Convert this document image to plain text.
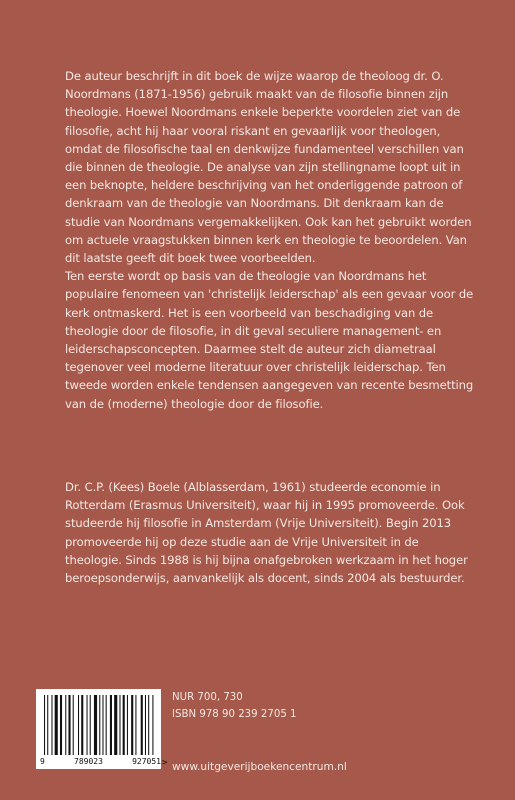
De auteur beschrijft in dit boek de wijze waarop de theoloog dr. O. Noordmans (1871-1956) gebruik maakt van de filosofie binnen zijn theologie. Hoewel Noordmans enkele beperkte voordelen ziet van de filosofie, acht hij haar vooral riskant en gevaarlijk voor theologen, omdat de filosofische taal en denkwijze fundamenteel verschillen van die binnen de theologie. De analyse van zijn stellingname loopt uit in een beknopte, heldere beschrijving van het onderliggende patroon of denkraam van de theologie van Noordmans. Dit denkraam kan de studie van Noordmans vergemakkelijken. Ook kan het gebruikt worden om actuele vraagstukken binnen kerk en theologie te beoordelen. Van dit laatste geeft dit boek twee voorbeelden.

Ten eerste wordt op basis van de theologie van Noordmans het populaire fenomeen van 'christelijk leiderschap' als een gevaar voor de kerk ontmaskerd. Het is een voorbeeld van beschadiging van de theologie door de filosofie, in dit geval seculiere management- en leiderschapsconcepten. Daarmee stelt de auteur zich diametraal tegenover veel moderne literatuur over christelijk leiderschap. Ten tweede worden enkele tendensen aangegeven van recente besmetting van de (moderne) theologie door de filosofie.

Dr. C.P. (Kees) Boele (Alblasserdam, 1961) studeerde economie in Rotterdam (Erasmus Universiteit), waar hij in 1995 promoveerde. Ook studeerde hij filosofie in Amsterdam (Vrije Universiteit). Begin 2013 promoveerde hij op deze studie aan de Vrije Universiteit in de theologie. Sinds 1988 is hij bijna onafgebroken werkzaam in het hoger beroepsonderwijs, aanvankelijk als docent, sinds 2004 als bestuurder.

9	789023	927051 >
NUR 700, 730
ISBN 978 90 239 2705 1
www.uitgeverijboekencentrum.nl
